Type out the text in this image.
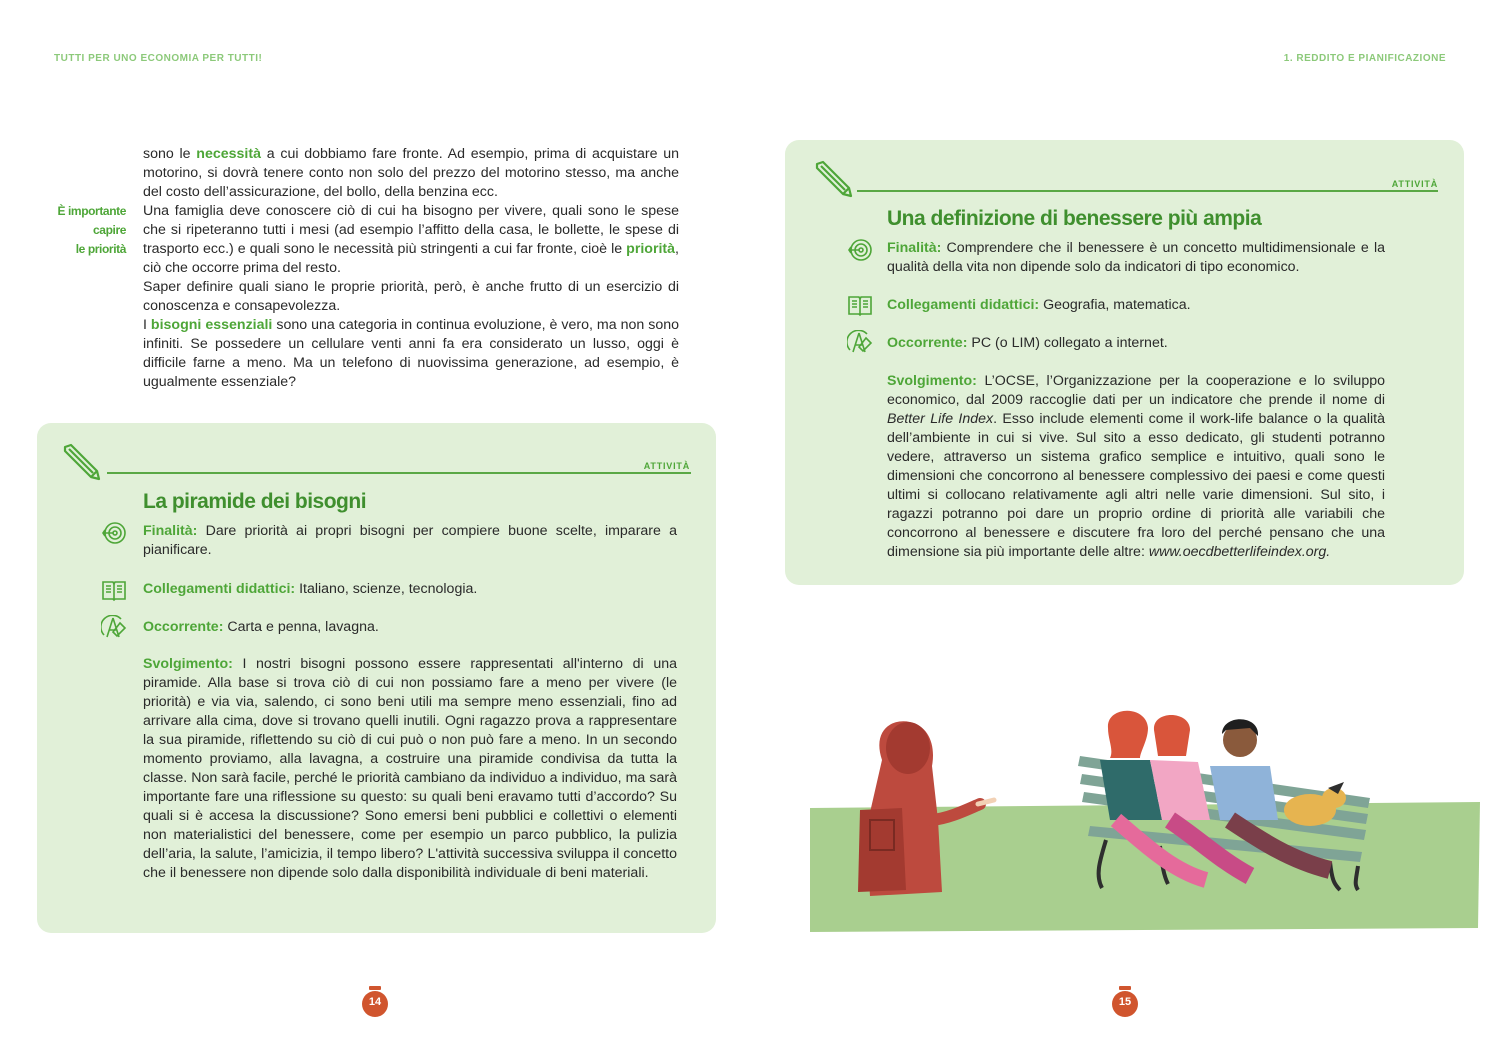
TUTTI PER UNO ECONOMIA PER TUTTI!	1. REDDITO E PIANIFICAZIONE
È importante
capire
le priorità

sono le necessità a cui dobbiamo fare fronte. Ad esempio, prima di acquistare un motorino, si dovrà tenere conto non solo del prezzo del motorino stesso, ma anche del costo dell’assicurazione, del bollo, della benzina ecc.

Una famiglia deve conoscere ciò di cui ha bisogno per vivere, quali sono le spese che si ripeteranno tutti i mesi (ad esempio l’affitto della casa, le bollette, le spese di trasporto ecc.) e quali sono le necessità più stringenti a cui far fronte, cioè le priorità, ciò che occorre prima del resto.

Saper definire quali siano le proprie priorità, però, è anche frutto di un esercizio di conoscenza e consapevolezza.

I bisogni essenziali sono una categoria in continua evoluzione, è vero, ma non sono infiniti. Se possedere un cellulare venti anni fa era considerato un lusso, oggi è difficile farne a meno. Ma un telefono di nuovissima generazione, ad esempio, è ugualmente essenziale?

ATTIVITÀ
La piramide dei bisogni
Finalità: Dare priorità ai propri bisogni per compiere buone scelte, imparare a pianificare.
Collegamenti didattici: Italiano, scienze, tecnologia.
Occorrente: Carta e penna, lavagna.
Svolgimento: I nostri bisogni possono essere rappresentati all'interno di una piramide. Alla base si trova ciò di cui non possiamo fare a meno per vivere (le priorità) e via via, salendo, ci sono beni utili ma sempre meno essenziali, fino ad arrivare alla cima, dove si trovano quelli inutili. Ogni ragazzo prova a rappresentare la sua piramide, riflettendo su ciò di cui può o non può fare a meno. In un secondo momento proviamo, alla lavagna, a costruire una piramide condivisa da tutta la classe. Non sarà facile, perché le priorità cambiano da individuo a individuo, ma sarà importante fare una riflessione su questo: su quali beni eravamo tutti d’accordo? Su quali si è accesa la discussione? Sono emersi beni pubblici e collettivi o elementi non materialistici del benessere, come per esempio un parco pubblico, la pulizia dell’aria, la salute, l’amicizia, il tempo libero? L'attività successiva sviluppa il concetto che il benessere non dipende solo dalla disponibilità individuale di beni materiali.
ATTIVITÀ
Una definizione di benessere più ampia
Finalità: Comprendere che il benessere è un concetto multidimensionale e la qualità della vita non dipende solo da indicatori di tipo economico.
Collegamenti didattici: Geografia, matematica.
Occorrente: PC (o LIM) collegato a internet.
Svolgimento: L’OCSE, l’Organizzazione per la cooperazione e lo sviluppo economico, dal 2009 raccoglie dati per un indicatore che prende il nome di Better Life Index. Esso include elementi come il work-life balance o la qualità dell’ambiente in cui si vive. Sul sito a esso dedicato, gli studenti potranno vedere, attraverso un sistema grafico semplice e intuitivo, quali sono le dimensioni che concorrono al benessere complessivo dei paesi e come questi ultimi si collocano relativamente agli altri nelle varie dimensioni. Sul sito, i ragazzi potranno poi dare un proprio ordine di priorità alle variabili che concorrono al benessere e discutere fra loro del perché pensano che una dimensione sia più importante delle altre: www.oecdbetterlifeindex.org.
14	15
